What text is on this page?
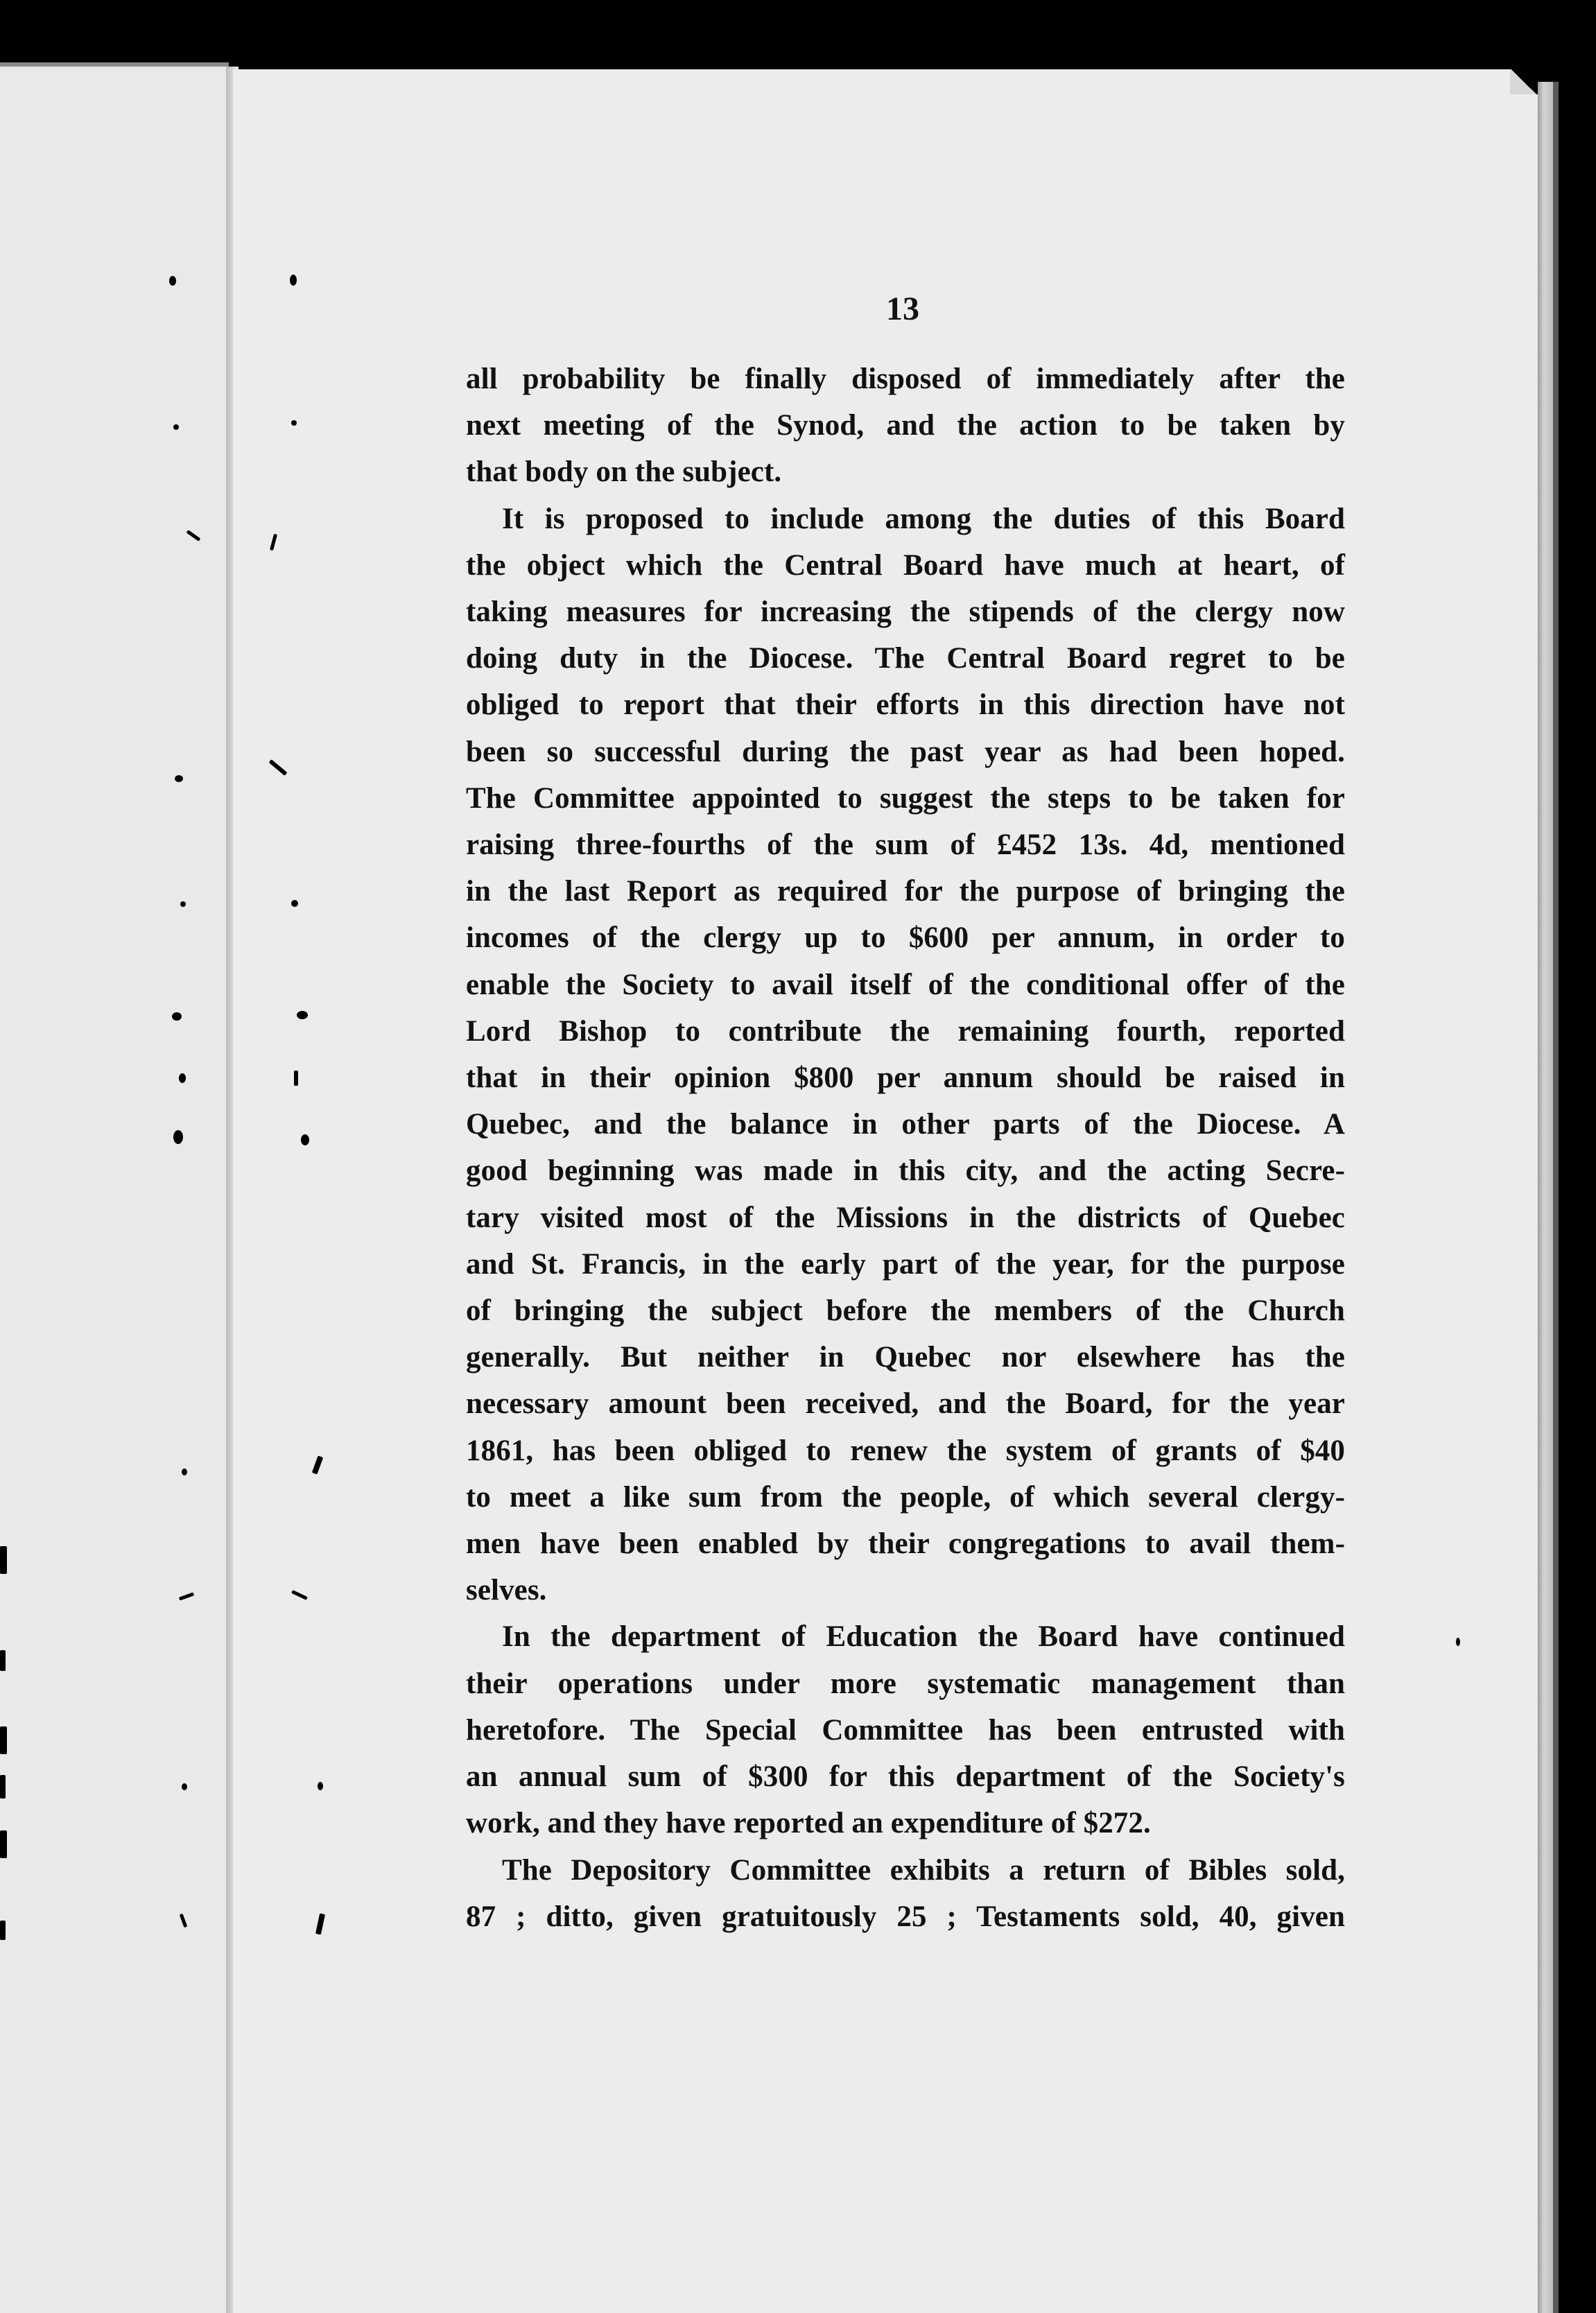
13

all probability be finally disposed of immediately after the

next meeting of the Synod, and the action to be taken by

that body on the subject.

It is proposed to include among the duties of this Board

the object which the Central Board have much at heart, of

taking measures for increasing the stipends of the clergy now

doing duty in the Diocese. The Central Board regret to be

obliged to report that their efforts in this direction have not

been so successful during the past year as had been hoped.

The Committee appointed to suggest the steps to be taken for

raising three-fourths of the sum of £452 13s. 4d, mentioned

in the last Report as required for the purpose of bringing the

incomes of the clergy up to $600 per annum, in order to

enable the Society to avail itself of the conditional offer of the

Lord Bishop to contribute the remaining fourth, reported

that in their opinion $800 per annum should be raised in

Quebec, and the balance in other parts of the Diocese. A

good beginning was made in this city, and the acting Secre-

tary visited most of the Missions in the districts of Quebec

and St. Francis, in the early part of the year, for the purpose

of bringing the subject before the members of the Church

generally. But neither in Quebec nor elsewhere has the

necessary amount been received, and the Board, for the year

1861, has been obliged to renew the system of grants of $40

to meet a like sum from the people, of which several clergy-

men have been enabled by their congregations to avail them-

selves.

In the department of Education the Board have continued

their operations under more systematic management than

heretofore. The Special Committee has been entrusted with

an annual sum of $300 for this department of the Society's

work, and they have reported an expenditure of $272.

The Depository Committee exhibits a return of Bibles sold,

87 ; ditto, given gratuitously 25 ; Testaments sold, 40, given
